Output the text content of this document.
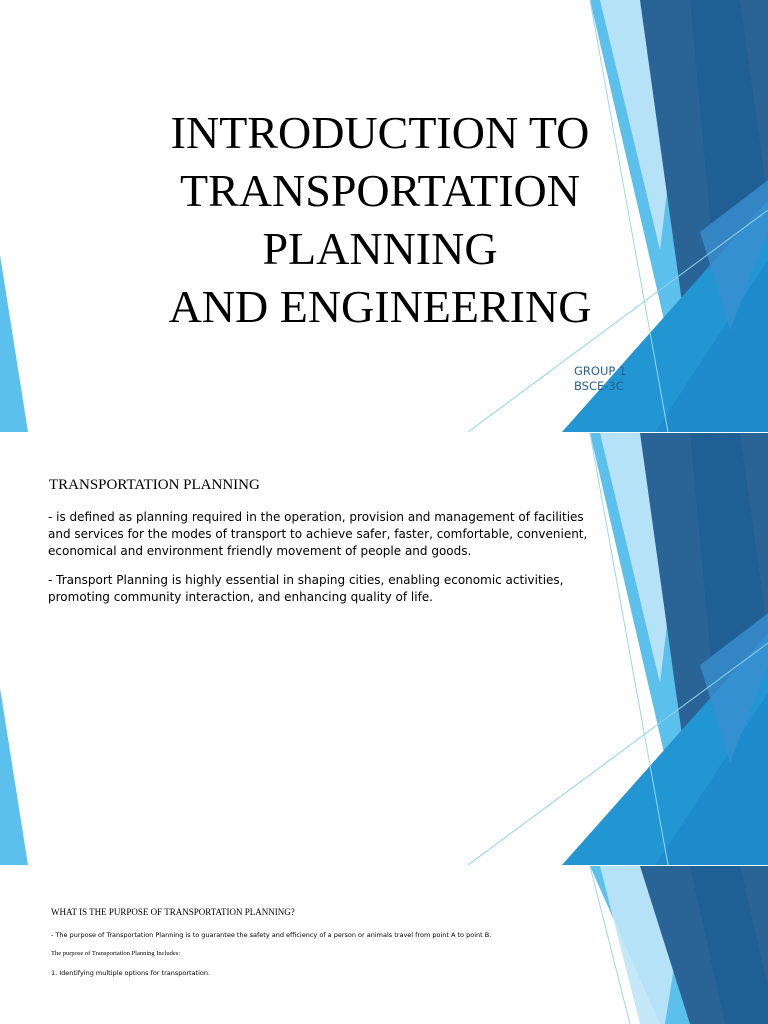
INTRODUCTION TO
TRANSPORTATION
PLANNING
AND ENGINEERING
GROUP 1
BSCE-3C
TRANSPORTATION PLANNING
- is defined as planning required in the operation, provision and management of facilities and services for the modes of transport to achieve safer, faster, comfortable, convenient, economical and environment friendly movement of people and goods.
- Transport Planning is highly essential in shaping cities, enabling economic activities, promoting community interaction, and enhancing quality of life.
WHAT IS THE PURPOSE OF TRANSPORTATION PLANNING?
- The purpose of Transportation Planning is to guarantee the safety and efficiency of a person or animals travel from point A to point B.
The purpose of Transportation Planning Includes:
1. Identifying multiple options for transportation.
